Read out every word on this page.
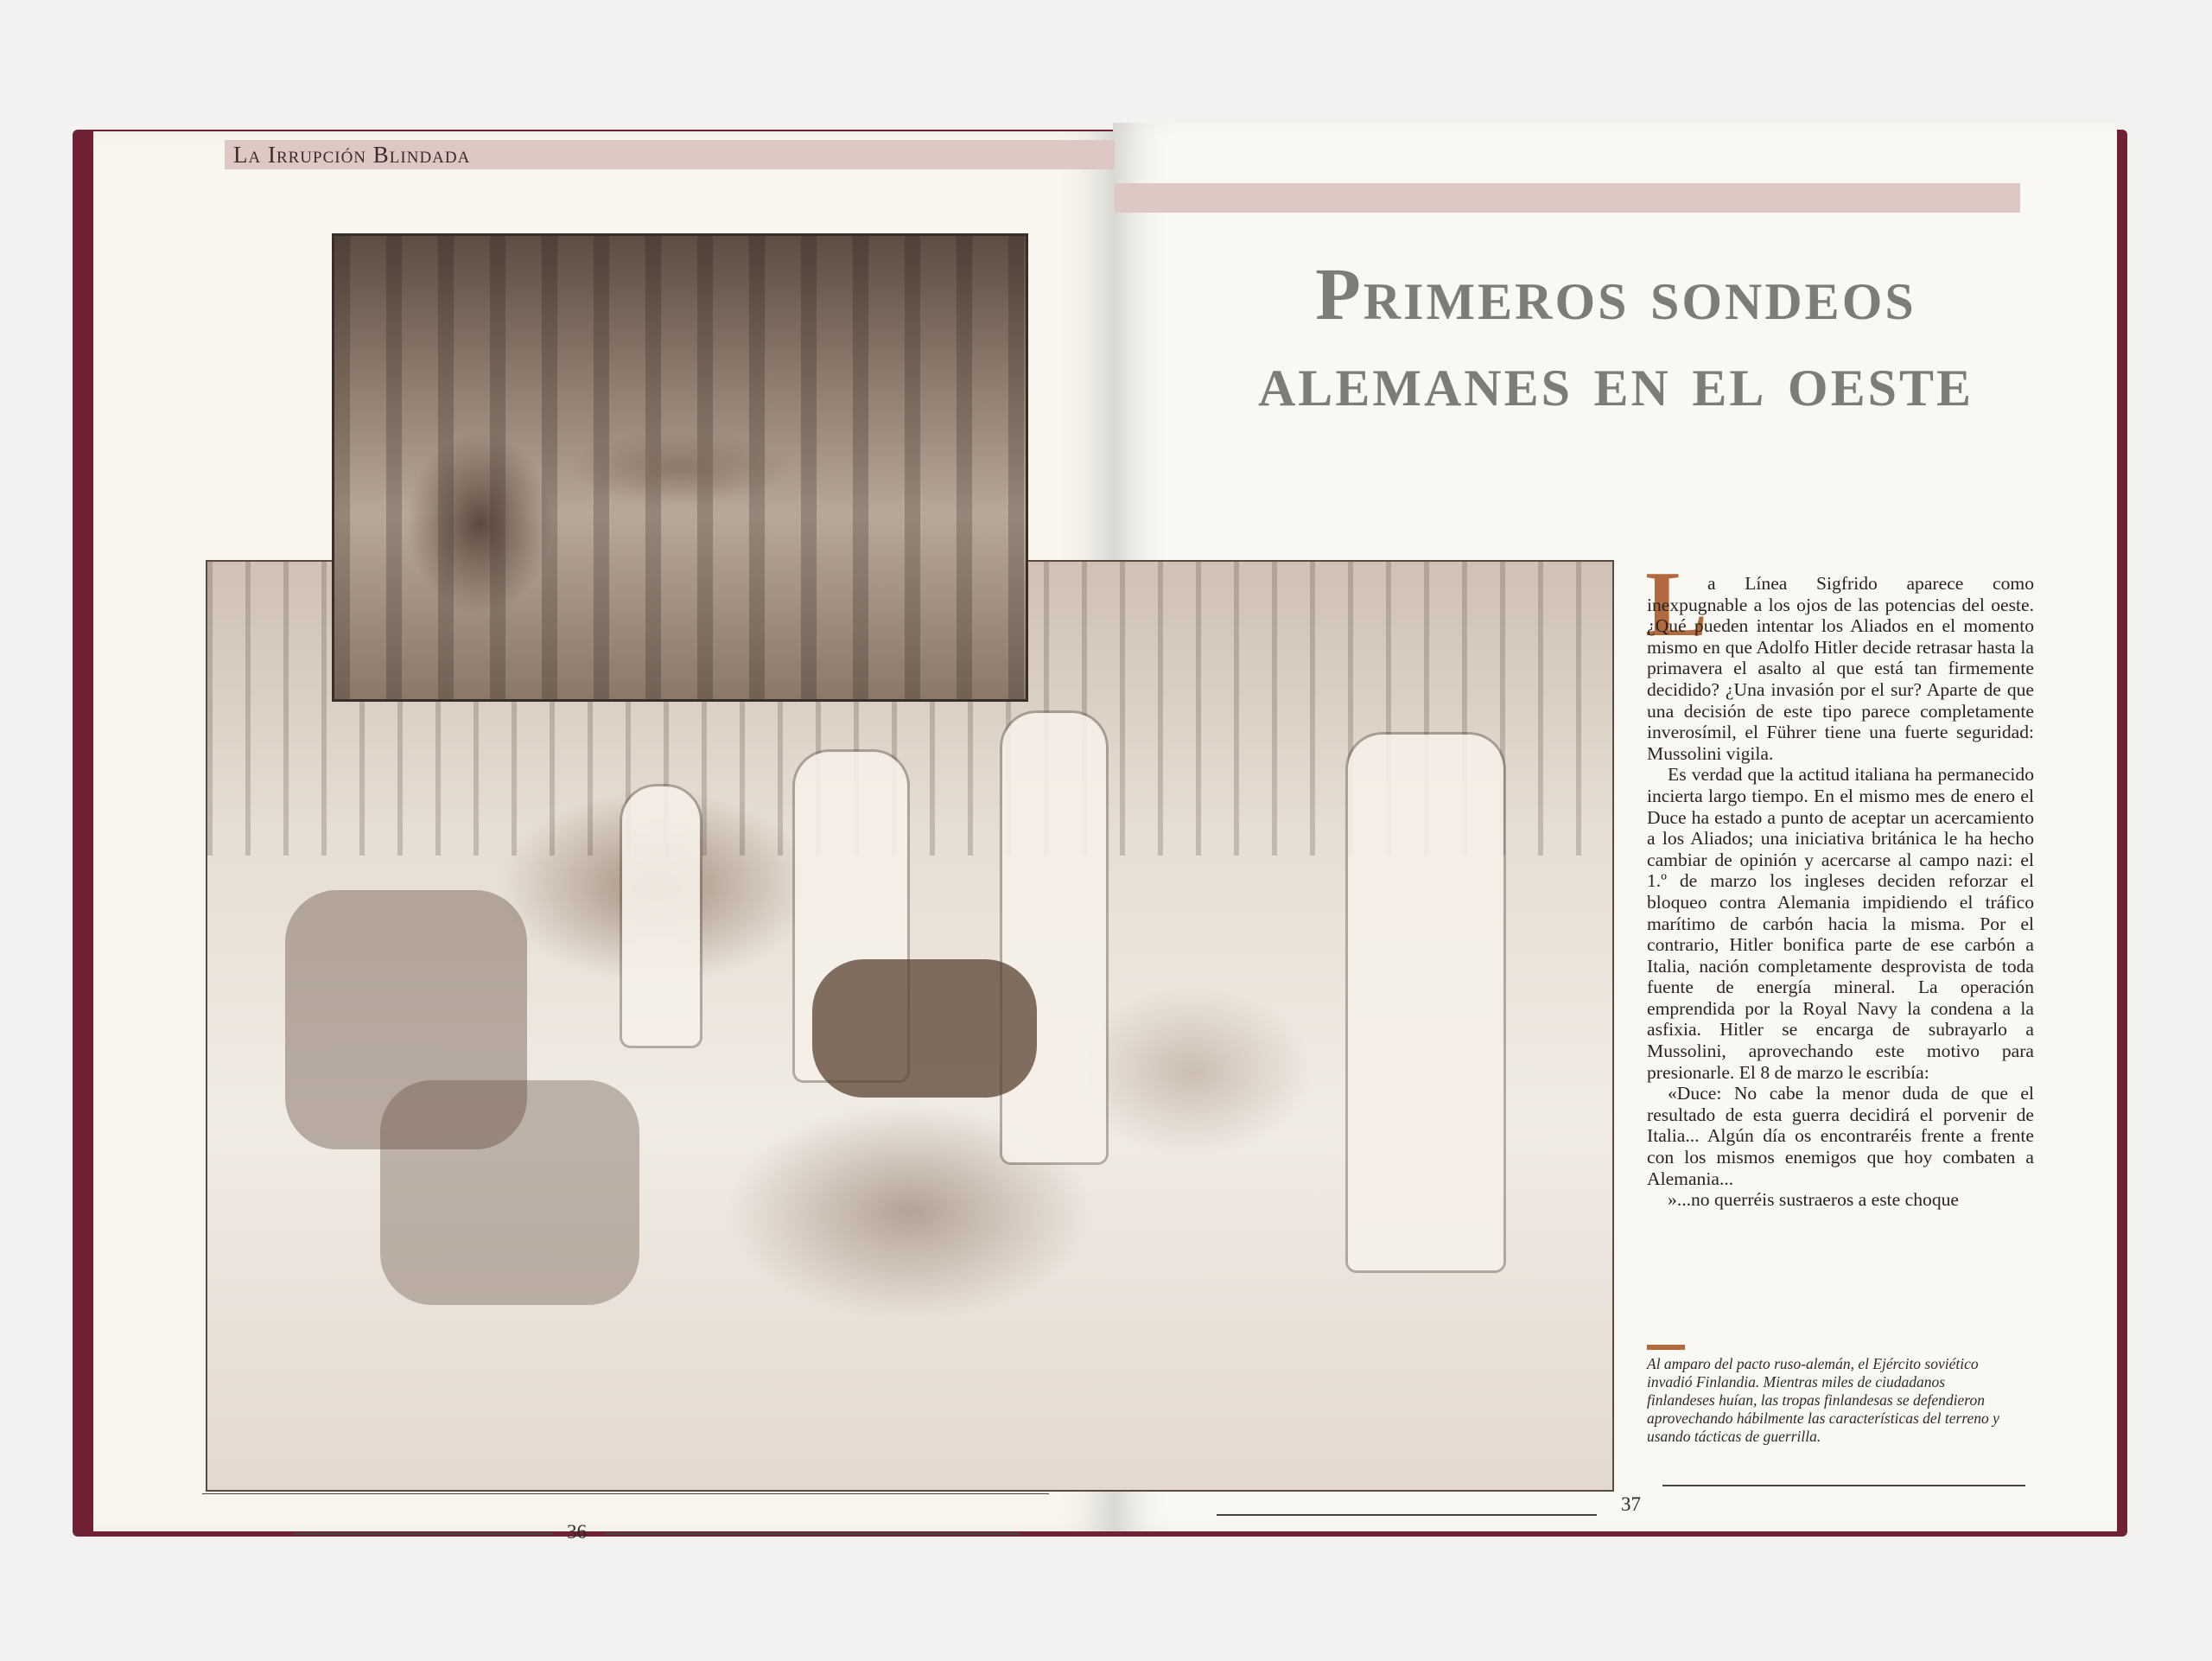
La Irrupción Blindada
Primeros sondeos alemanes en el oeste
L a Línea Sigfrido aparece como inexpugnable a los ojos de las potencias del oeste. ¿Qué pueden intentar los Aliados en el momento mismo en que Adolfo Hitler decide retrasar hasta la primavera el asalto al que está tan firmemente decidido? ¿Una invasión por el sur? Aparte de que una decisión de este tipo parece completamente inverosímil, el Führer tiene una fuerte seguridad: Mussolini vigila.

Es verdad que la actitud italiana ha permanecido incierta largo tiempo. En el mismo mes de enero el Duce ha estado a punto de aceptar un acercamiento a los Aliados; una iniciativa británica le ha hecho cambiar de opinión y acercarse al campo nazi: el 1.º de marzo los ingleses deciden reforzar el bloqueo contra Alemania impidiendo el tráfico marítimo de carbón hacia la misma. Por el contrario, Hitler bonifica parte de ese carbón a Italia, nación completamente desprovista de toda fuente de energía mineral. La operación emprendida por la Royal Navy la condena a la asfixia. Hitler se encarga de subrayarlo a Mussolini, aprovechando este motivo para presionarle. El 8 de marzo le escribía:

«Duce: No cabe la menor duda de que el resultado de esta guerra decidirá el porvenir de Italia... Algún día os encontraréis frente a frente con los mismos enemigos que hoy combaten a Alemania...

»...no querréis sustraeros a este choque

Al amparo del pacto ruso-alemán, el Ejército soviético invadió Finlandia. Mientras miles de ciudadanos finlandeses huían, las tropas finlandesas se defendieron aprovechando hábilmente las características del terreno y usando tácticas de guerrilla.
36
37
